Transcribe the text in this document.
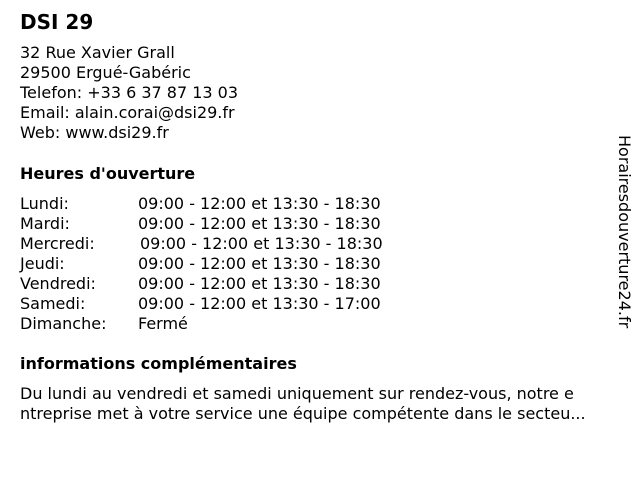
DSI 29
32 Rue Xavier Grall
29500 Ergué-Gabéric
Telefon: +33 6 37 87 13 03
Email: alain.corai@dsi29.fr
Web: www.dsi29.fr
Heures d'ouverture
Lundi:	09:00 - 12:00 et 13:30 - 18:30
Mardi:	09:00 - 12:00 et 13:30 - 18:30
Mercredi:	09:00 - 12:00 et 13:30 - 18:30
Jeudi:	09:00 - 12:00 et 13:30 - 18:30
Vendredi:	09:00 - 12:00 et 13:30 - 18:30
Samedi:	09:00 - 12:00 et 13:30 - 17:00
Dimanche: Fermé
informations complémentaires
Du lundi au vendredi et samedi uniquement sur rendez-vous, notre e
ntreprise met à votre service une équipe compétente dans le secteu...
Horairesdouverture24.fr
